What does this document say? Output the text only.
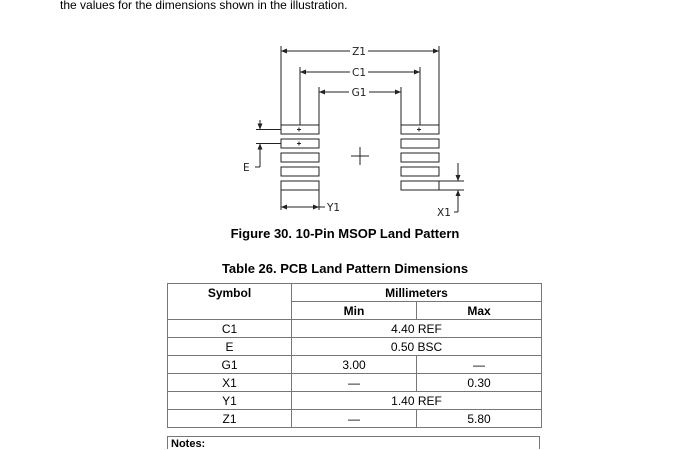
the values for the dimensions shown in the illustration.
Z1
C1
G1
E
Y1	X1
Figure 30. 10-Pin MSOP Land Pattern
Table 26. PCB Land Pattern Dimensions
Symbol	Millimeters	
	Min	Max
C1	4.40 REF	
E	0.50 BSC	
G1	3.00	—
X1	—	0.30
Y1	1.40 REF	
Z1	—	5.80
Notes:
